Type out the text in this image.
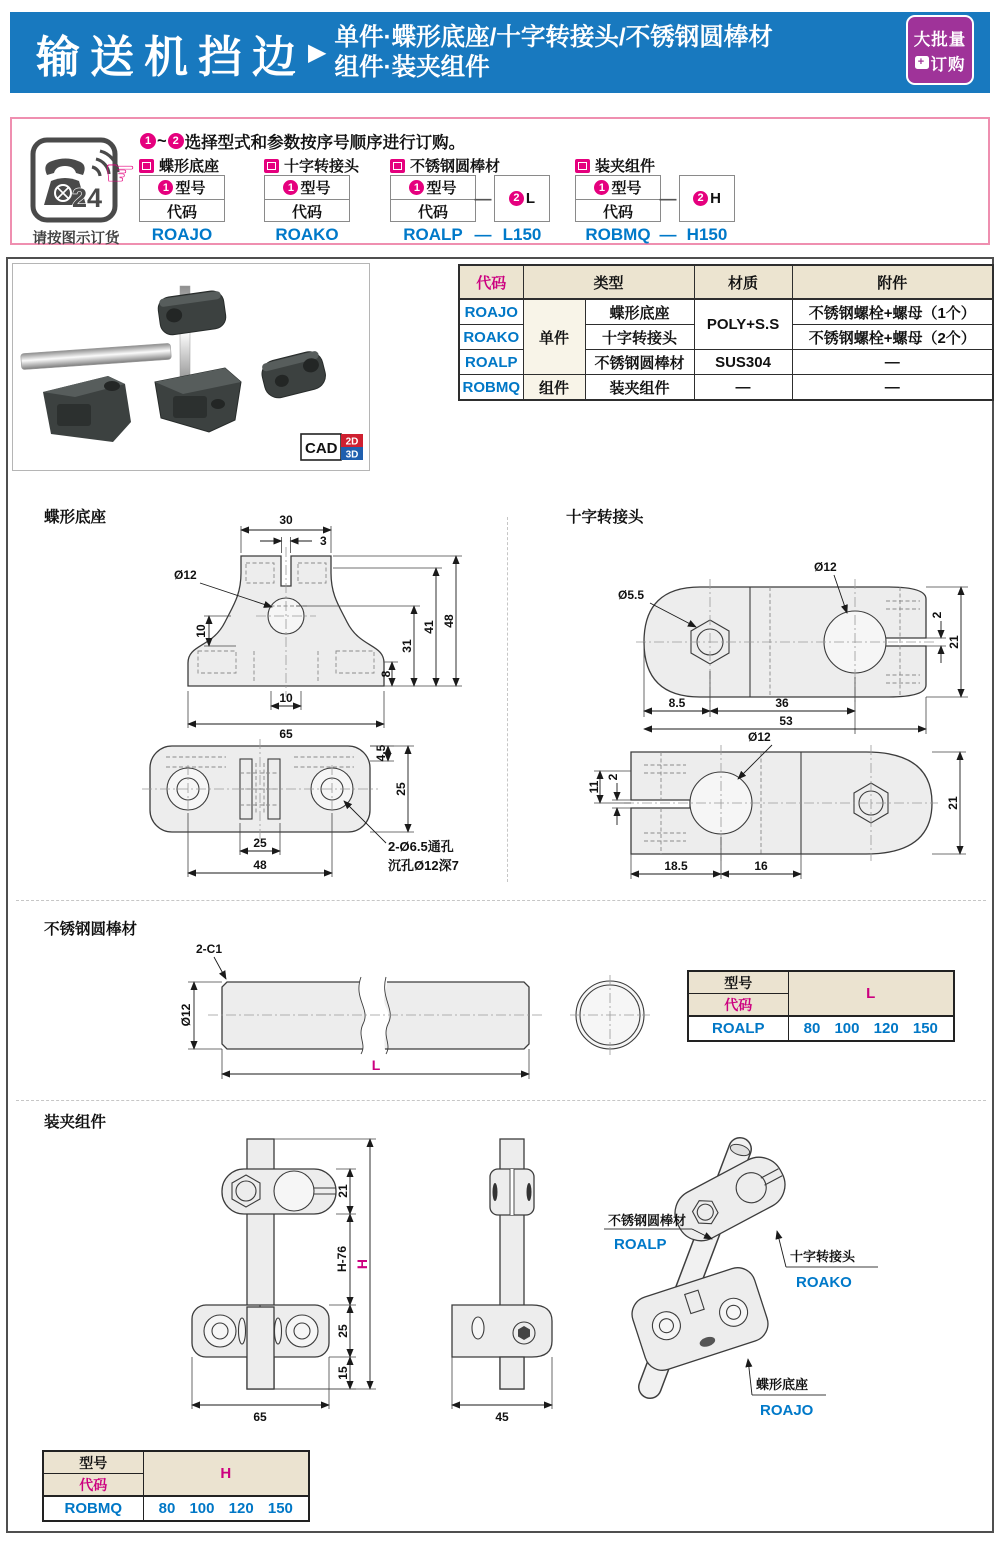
输送机挡边 ▶
单件·蝶形底座/十字转接头/不锈钢圆棒材
组件·装夹组件
大批量
+ 订购
24
请按图示订货
☞
1 ~ 2 选择型式和参数按序号顺序进行订购。
蝶形底座
1 型号
代码
ROAJO
十字转接头
1 型号
代码
ROAKO
不锈钢圆棒材
1 型号
代码
—	2 L
ROALP — L150
装夹组件
1 型号
代码
—	2 H
ROBMQ — H150
CAD 2D
3D
代码	类型		材质	附件
ROAJO	单件	蝶形底座	POLY+S.S	不锈钢螺栓+螺母（1个）
ROAKO		十字转接头		不锈钢螺栓+螺母（2个）
ROALP		不锈钢圆棒材	SUS304	—
ROBMQ	组件	装夹组件	—	—
蝶形底座	十字转接头
不锈钢圆棒材
装夹组件
30
3
Ø12
10
8
31
41 48
10
65
4.5
25
25
48
2-Ø6.5通孔
沉孔Ø12深7
Ø5.5
Ø12
2
21
8.5	36
53
Ø12
11
2
21
18.5	16
2-C1
Ø12
L
型号	L
代码	
ROALP	80 100 120 150
21
H-76
25
15
H
65	45
不锈钢圆棒材
ROALP
十字转接头
ROAKO
蝶形底座
ROAJO
型号	H
代码	
ROBMQ	80 100 120 150
